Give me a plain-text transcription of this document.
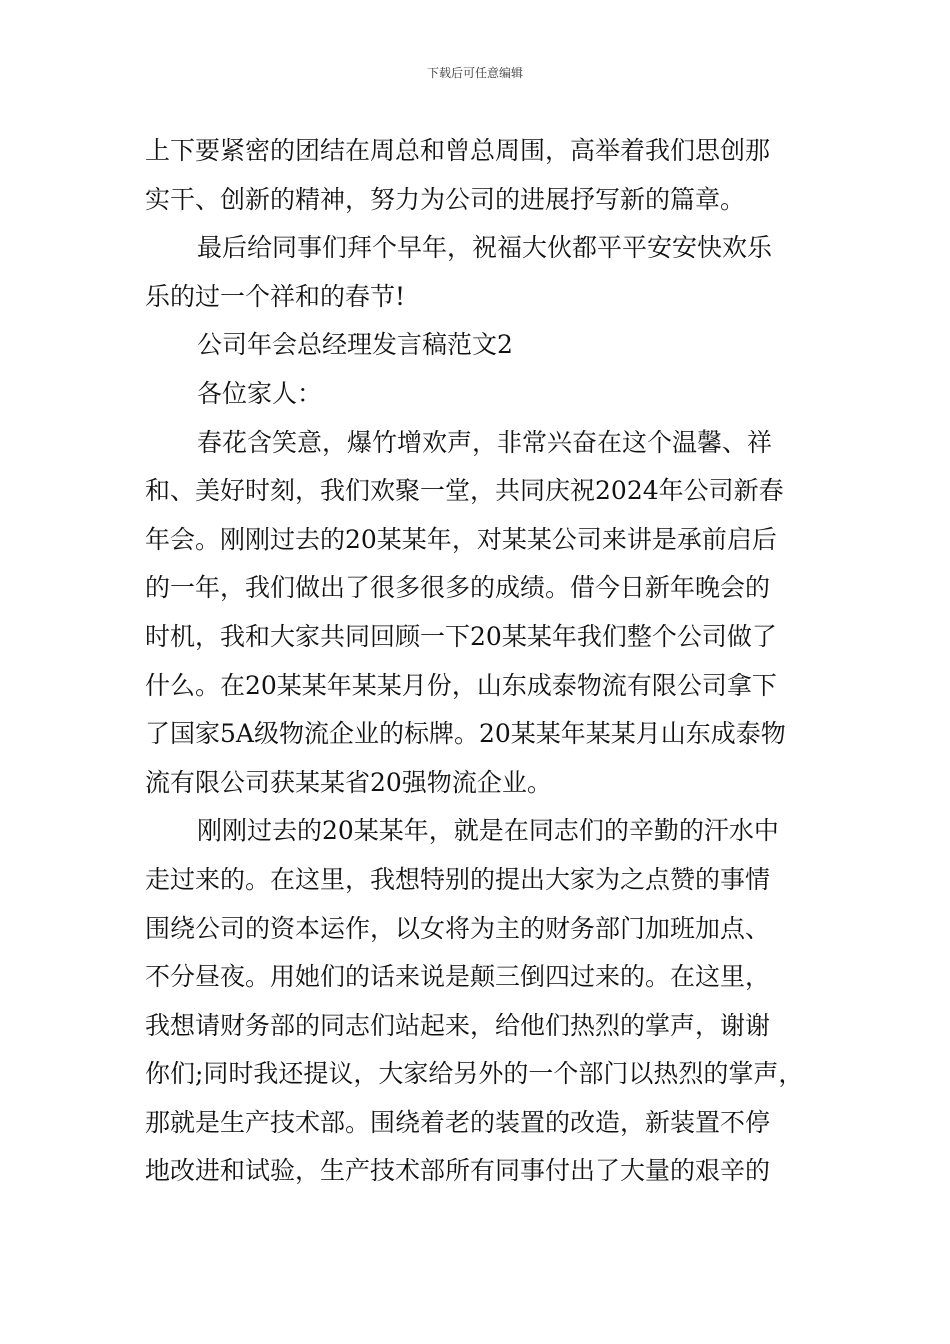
下载后可任意编辑
上下要紧密的团结在周总和曾总周围，高举着我们思创那
实干、创新的精神，努力为公司的进展抒写新的篇章。
最后给同事们拜个早年，祝福大伙都平平安安快欢乐
乐的过一个祥和的春节!
公司年会总经理发言稿范文2
各位家人：
春花含笑意，爆竹增欢声，非常兴奋在这个温馨、祥
和、美好时刻，我们欢聚一堂，共同庆祝2024年公司新春
年会。刚刚过去的20某某年，对某某公司来讲是承前启后
的一年，我们做出了很多很多的成绩。借今日新年晚会的
时机，我和大家共同回顾一下20某某年我们整个公司做了
什么。在20某某年某某月份，山东成泰物流有限公司拿下
了国家5A级物流企业的标牌。20某某年某某月山东成泰物
流有限公司获某某省20强物流企业。
刚刚过去的20某某年，就是在同志们的辛勤的汗水中
走过来的。在这里，我想特别的提出大家为之点赞的事情
围绕公司的资本运作，以女将为主的财务部门加班加点、
不分昼夜。用她们的话来说是颠三倒四过来的。在这里，
我想请财务部的同志们站起来，给他们热烈的掌声，谢谢
你们;同时我还提议，大家给另外的一个部门以热烈的掌声，
那就是生产技术部。围绕着老的装置的改造，新装置不停
地改进和试验，生产技术部所有同事付出了大量的艰辛的
